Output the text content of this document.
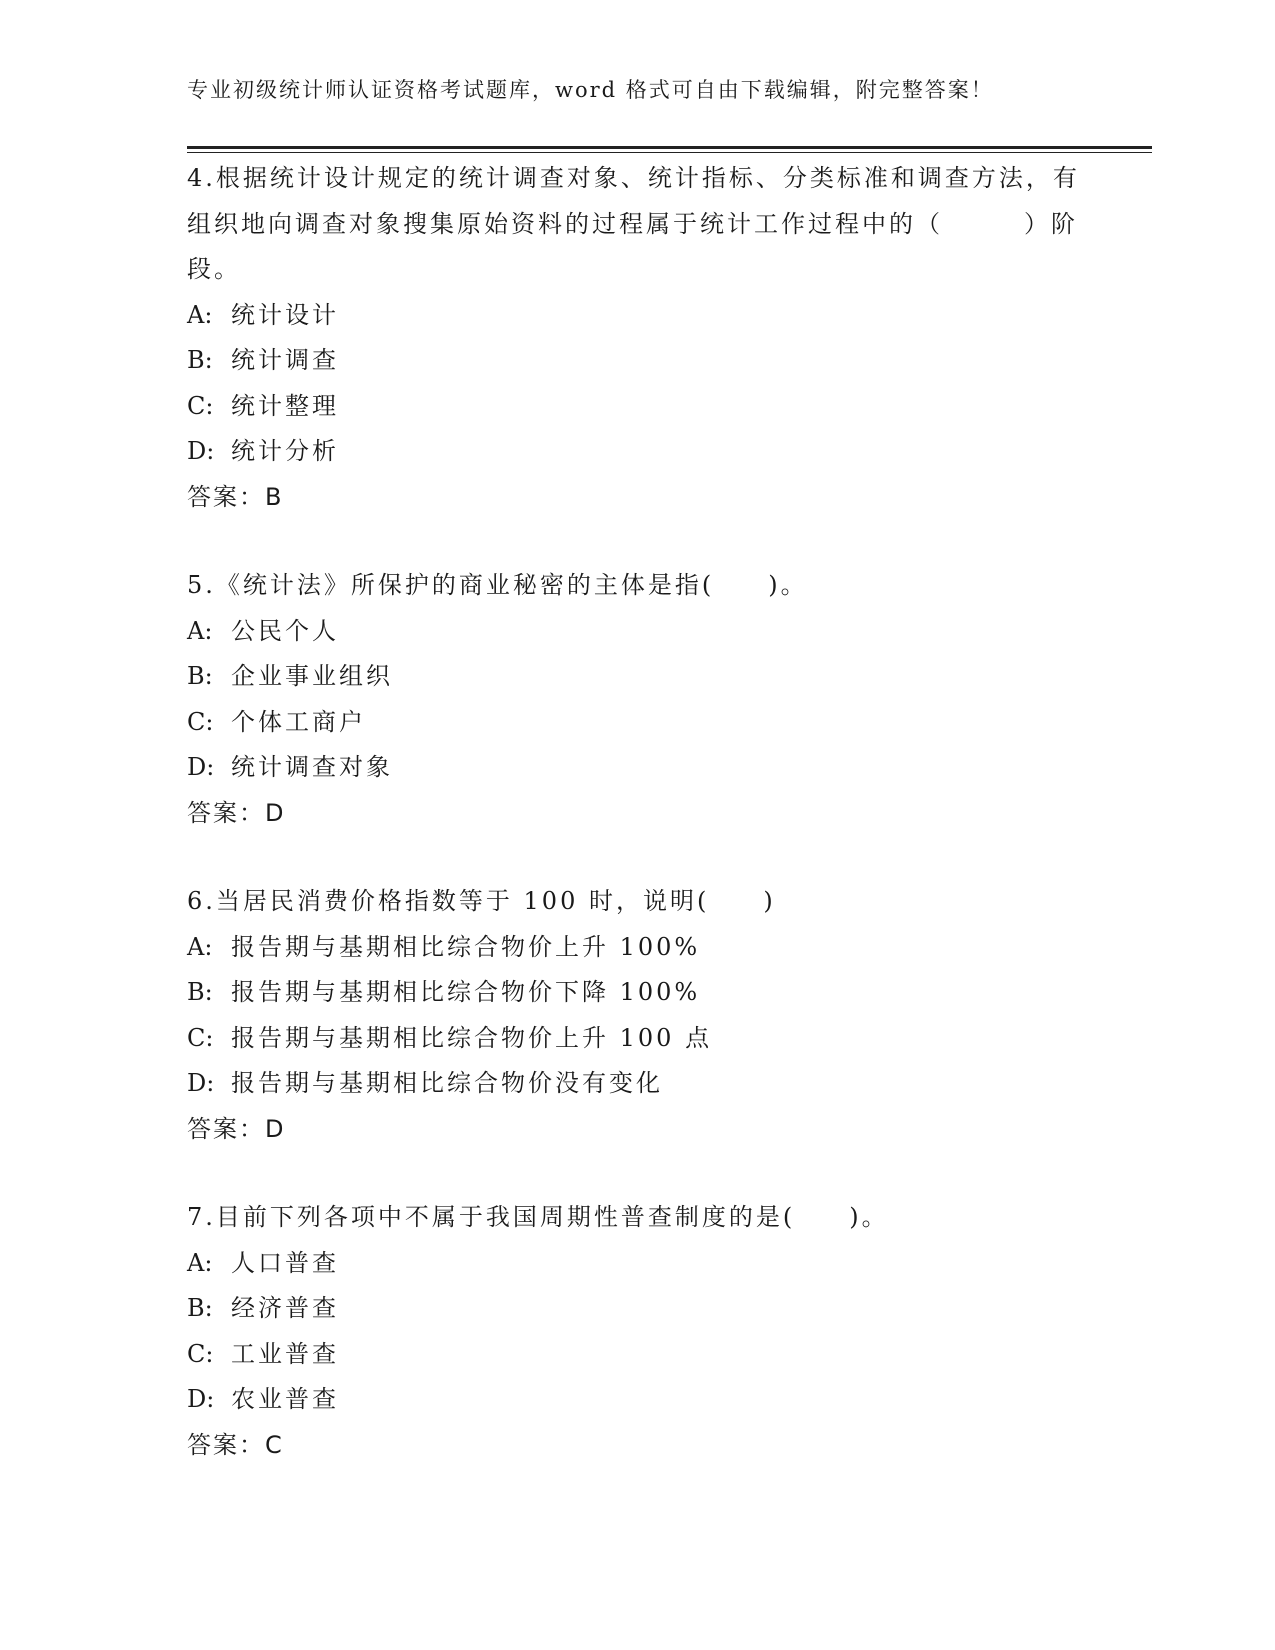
专业初级统计师认证资格考试题库，word 格式可自由下载编辑，附完整答案！

4.根据统计设计规定的统计调查对象、统计指标、分类标准和调查方法，有组织地向调查对象搜集原始资料的过程属于统计工作过程中的（　　　）阶段。

A: 统计设计

B: 统计调查

C: 统计整理

D: 统计分析

答案：B

5.《统计法》所保护的商业秘密的主体是指(　　)。

A: 公民个人

B: 企业事业组织

C: 个体工商户

D: 统计调查对象

答案：D

6.当居民消费价格指数等于 100 时，说明(　　)

A: 报告期与基期相比综合物价上升 100%

B: 报告期与基期相比综合物价下降 100%

C: 报告期与基期相比综合物价上升 100 点

D: 报告期与基期相比综合物价没有变化

答案：D

7.目前下列各项中不属于我国周期性普查制度的是(　　)。

A: 人口普查

B: 经济普查

C: 工业普查

D: 农业普查

答案：C
